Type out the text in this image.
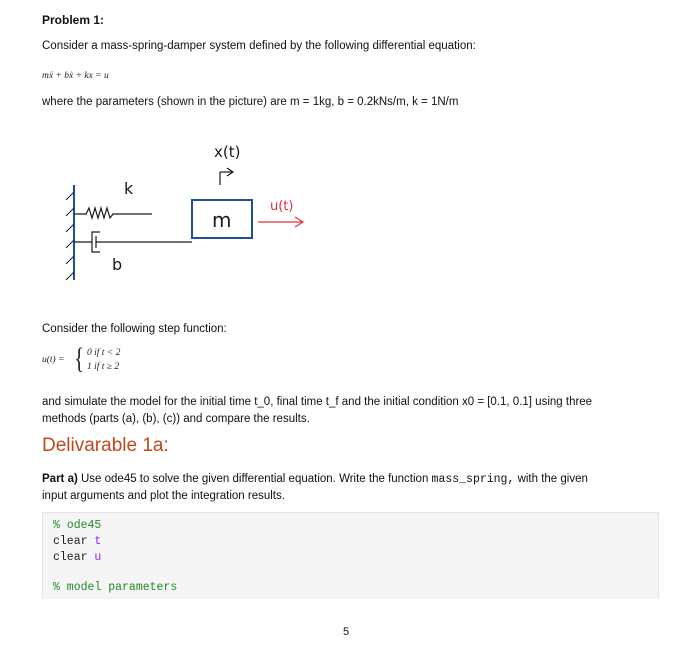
Problem 1:
Consider a mass-spring-damper system defined by the following differential equation:
mẍ + bẋ + kx = u
where the parameters (shown in the picture) are m = 1kg, b = 0.2kNs/m, k = 1N/m
x(t)
k
b
m
u(t)
Consider the following step function:
u(t) = { 0 if t < 2
1 if t ≥ 2
and simulate the model for the initial time t_0, final time t_f and the initial condition x0 = [0.1, 0.1] using three
methods (parts (a), (b), (c)) and compare the results.
Delivarable 1a:
Part a) Use ode45 to solve the given differential equation. Write the function mass_spring, with the given
input arguments and plot the integration results.
% ode45
clear t
clear u
% model parameters
5
